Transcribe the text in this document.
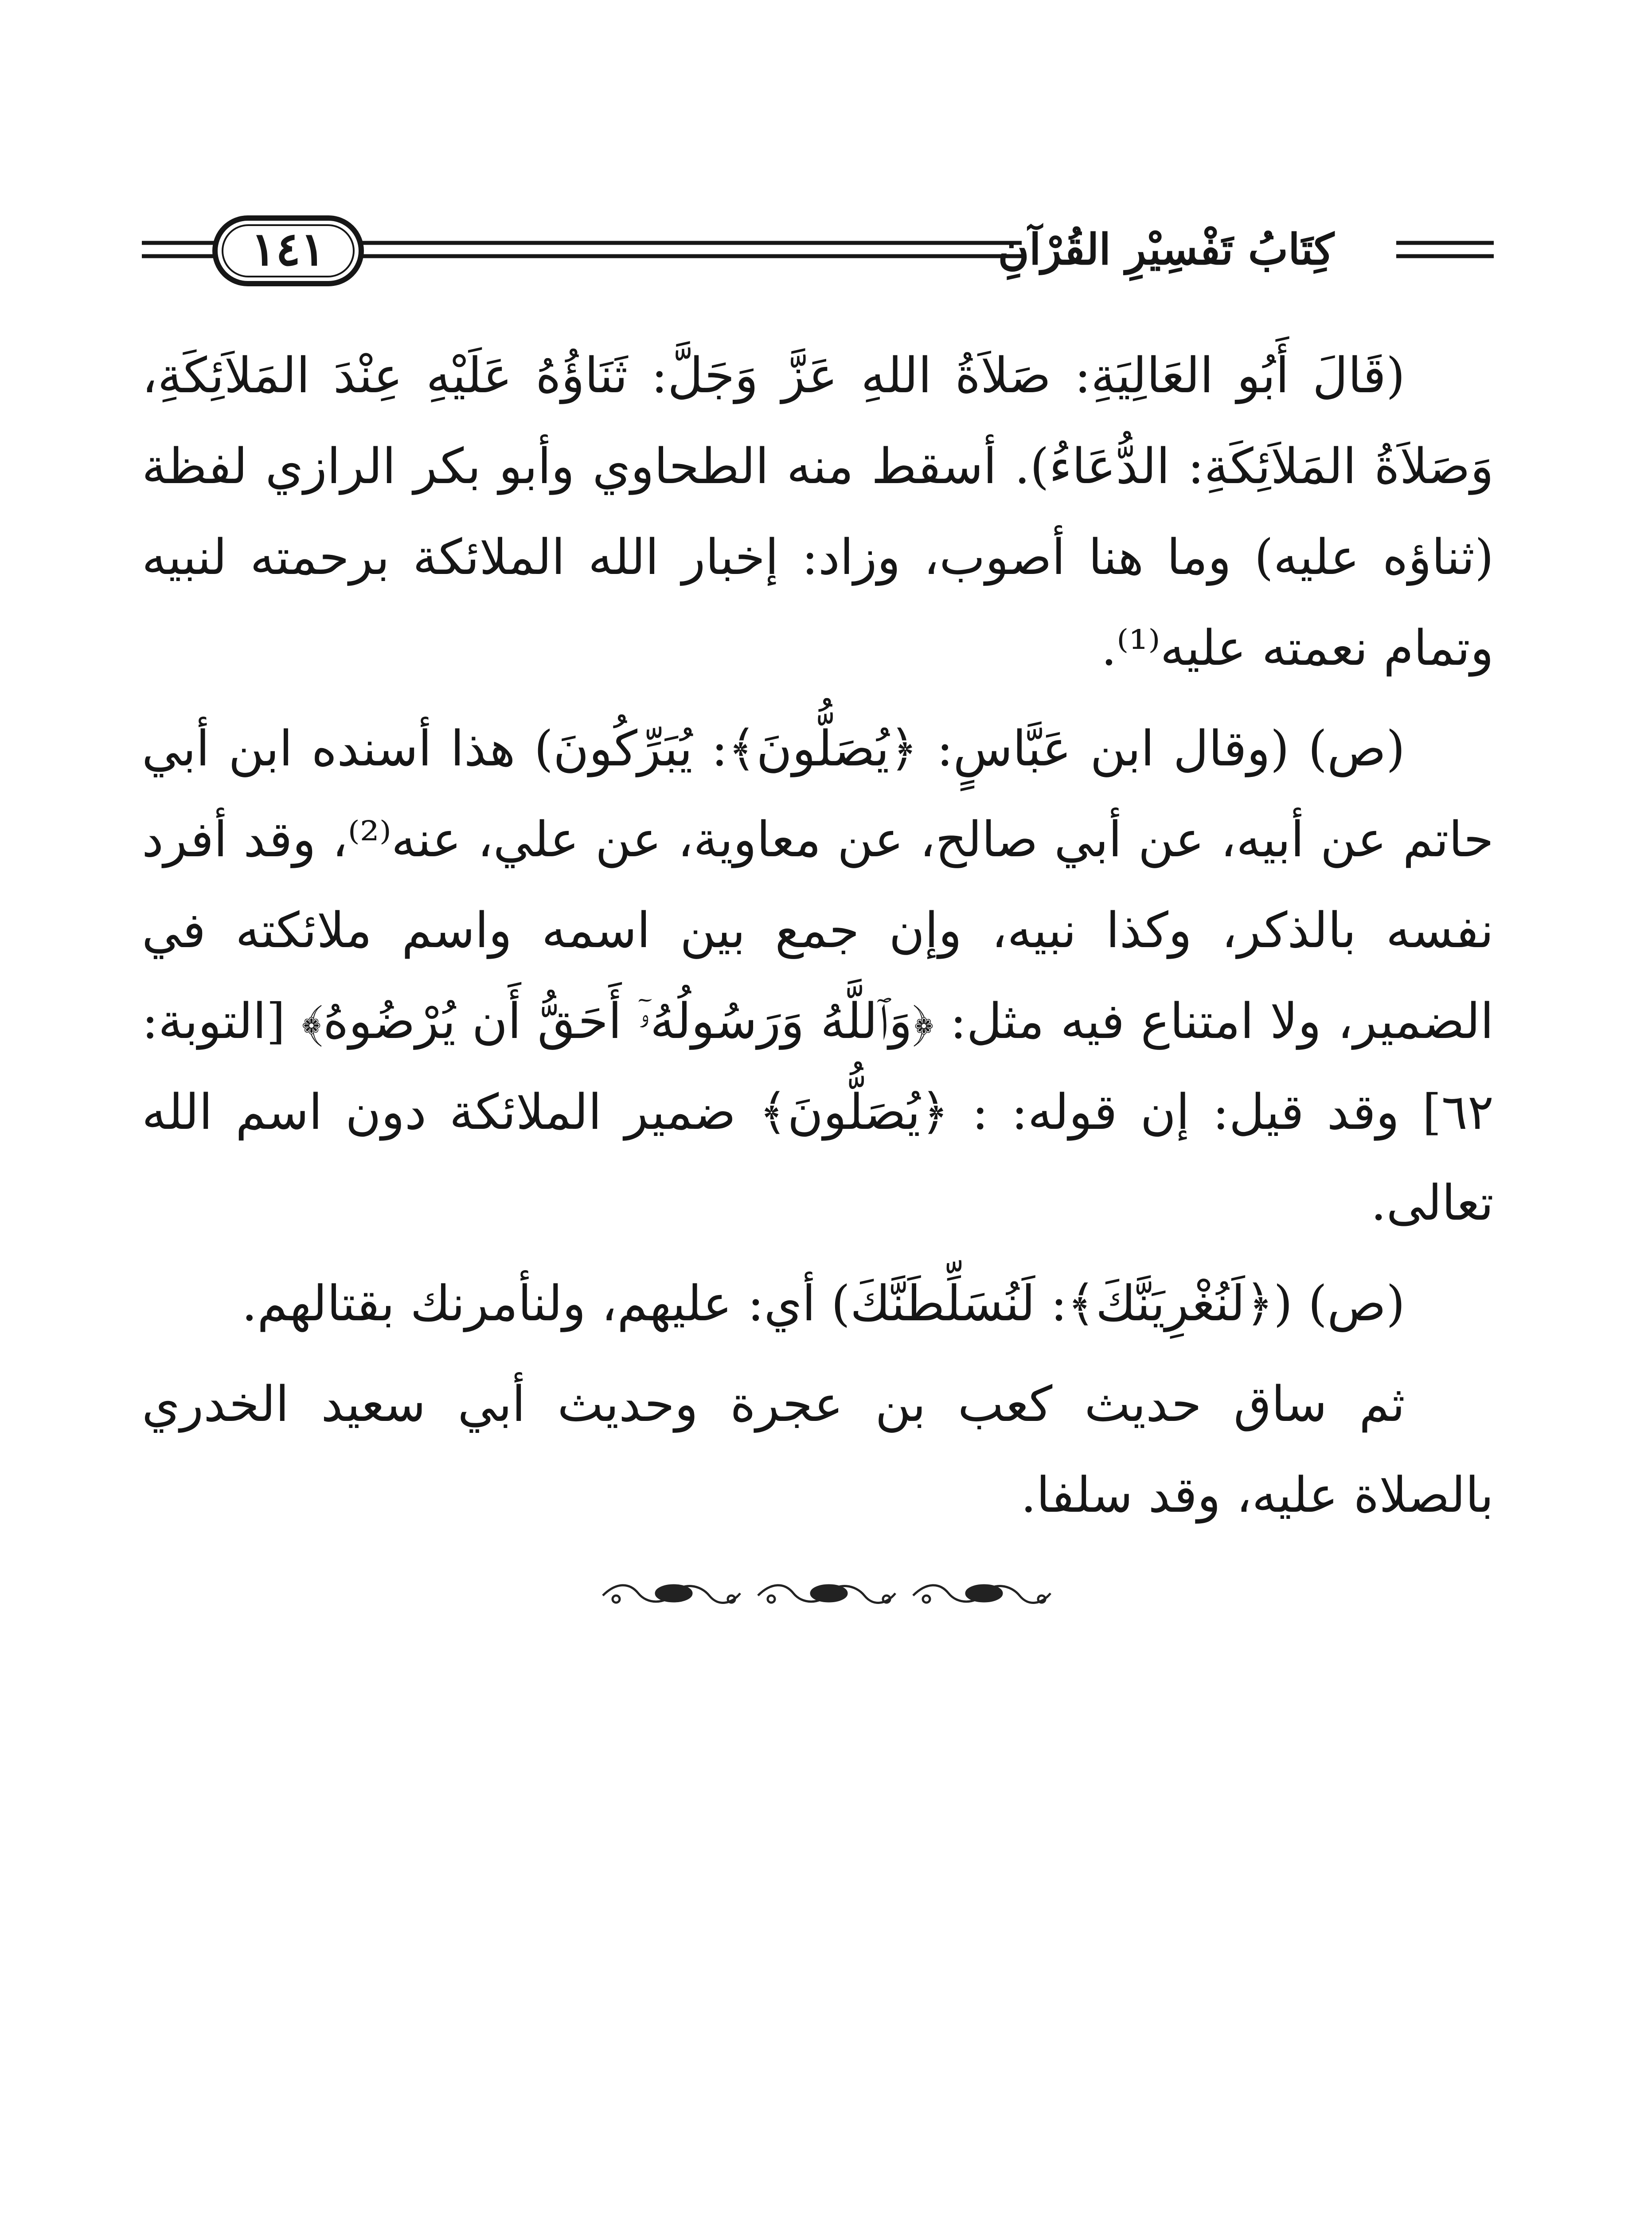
١٤١	كِتَابُ تَفْسِيْرِ القُرْآنِ

(قَالَ أَبُو العَالِيَةِ: صَلاَةُ اللهِ عَزَّ وَجَلَّ: ثَنَاؤُهُ عَلَيْهِ عِنْدَ المَلاَئِكَةِ، وَصَلاَةُ المَلاَئِكَةِ: الدُّعَاءُ). أسقط منه الطحاوي وأبو بكر الرازي لفظة (ثناؤه عليه) وما هنا أصوب، وزاد: إخبار الله الملائكة برحمته لنبيه وتمام نعمته عليه⁽¹⁾.

(ص) (وقال ابن عَبَّاسٍ: ﴿يُصَلُّونَ﴾: يُبَرِّكُونَ) هذا أسنده ابن أبي حاتم عن أبيه، عن أبي صالح، عن معاوية، عن علي، عنه⁽²⁾، وقد أفرد نفسه بالذكر، وكذا نبيه، وإن جمع بين اسمه واسم ملائكته في الضمير، ولا امتناع فيه مثل: ﴿وَٱللَّهُ وَرَسُولُهُۥٓ أَحَقُّ أَن يُرْضُوهُ﴾ [التوبة: ٦٢] وقد قيل: إن قوله: : ﴿يُصَلُّونَ﴾ ضمير الملائكة دون اسم الله تعالى.

(ص) (﴿لَنُغْرِيَنَّكَ﴾: لَنُسَلِّطَنَّكَ) أي: عليهم، ولنأمرنك بقتالهم.

ثم ساق حديث كعب بن عجرة وحديث أبي سعيد الخدري بالصلاة عليه، وقد سلفا.
